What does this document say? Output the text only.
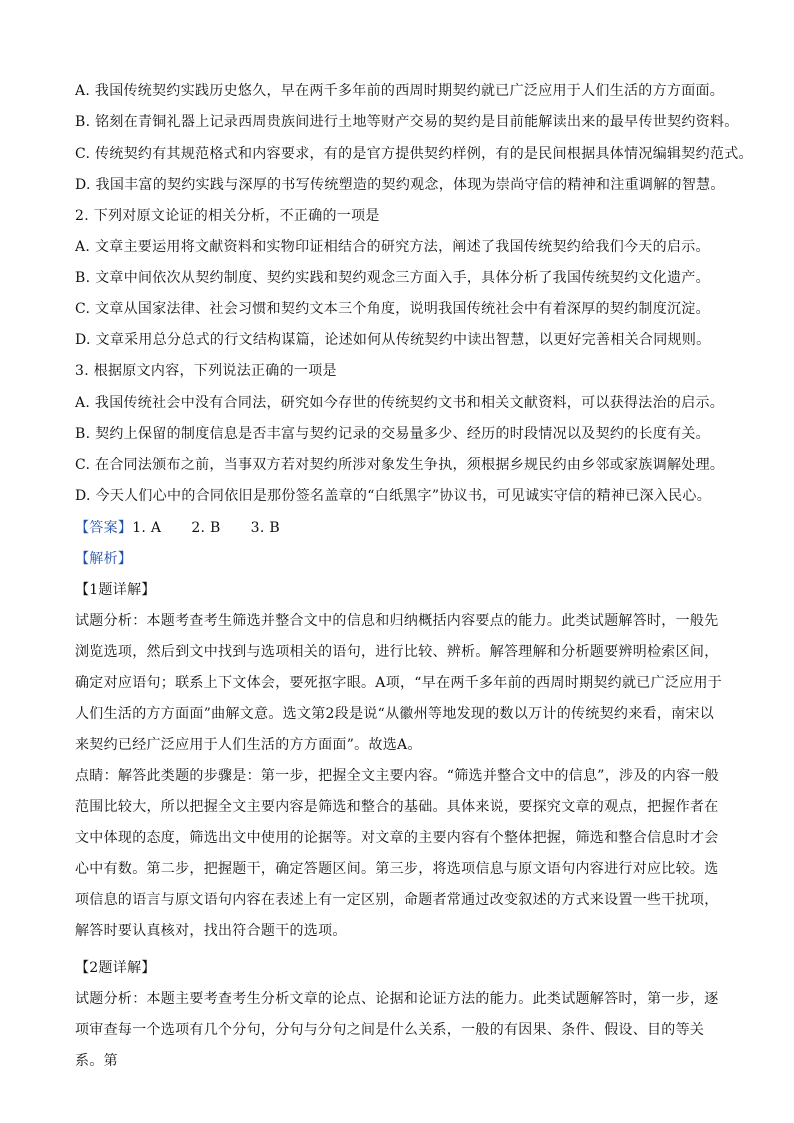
A. 我国传统契约实践历史悠久，早在两千多年前的西周时期契约就已广泛应用于人们生活的方方面面。
B. 铭刻在青铜礼器上记录西周贵族间进行土地等财产交易的契约是目前能解读出来的最早传世契约资料。
C. 传统契约有其规范格式和内容要求，有的是官方提供契约样例，有的是民间根据具体情况编辑契约范式。
D. 我国丰富的契约实践与深厚的书写传统塑造的契约观念，体现为崇尚守信的精神和注重调解的智慧。
2. 下列对原文论证的相关分析，不正确的一项是
A. 文章主要运用将文献资料和实物印证相结合的研究方法，阐述了我国传统契约给我们今天的启示。
B. 文章中间依次从契约制度、契约实践和契约观念三方面入手，具体分析了我国传统契约文化遗产。
C. 文章从国家法律、社会习惯和契约文本三个角度，说明我国传统社会中有着深厚的契约制度沉淀。
D. 文章采用总分总式的行文结构谋篇，论述如何从传统契约中读出智慧，以更好完善相关合同规则。
3. 根据原文内容，下列说法正确的一项是
A. 我国传统社会中没有合同法，研究如今存世的传统契约文书和相关文献资料，可以获得法治的启示。
B. 契约上保留的制度信息是否丰富与契约记录的交易量多少、经历的时段情况以及契约的长度有关。
C. 在合同法颁布之前，当事双方若对契约所涉对象发生争执，须根据乡规民约由乡邻或家族调解处理。
D. 今天人们心中的合同依旧是那份签名盖章的“白纸黑字”协议书，可见诚实守信的精神已深入民心。
【答案】1. A 2. B 3. B
【解析】
【1题详解】
试题分析：本题考查考生筛选并整合文中的信息和归纳概括内容要点的能力。此类试题解答时，一般先浏览选项，然后到文中找到与选项相关的语句，进行比较、辨析。解答理解和分析题要辨明检索区间，确定对应语句；联系上下文体会，要死抠字眼。A项，“早在两千多年前的西周时期契约就已广泛应用于人们生活的方方面面”曲解文意。选文第2段是说“从徽州等地发现的数以万计的传统契约来看，南宋以来契约已经广泛应用于人们生活的方方面面”。故选A。
点睛：解答此类题的步骤是：第一步，把握全文主要内容。“筛选并整合文中的信息”，涉及的内容一般范围比较大，所以把握全文主要内容是筛选和整合的基础。具体来说，要探究文章的观点，把握作者在文中体现的态度，筛选出文中使用的论据等。对文章的主要内容有个整体把握，筛选和整合信息时才会心中有数。第二步，把握题干，确定答题区间。第三步，将选项信息与原文语句内容进行对应比较。选项信息的语言与原文语句内容在表述上有一定区别，命题者常通过改变叙述的方式来设置一些干扰项，解答时要认真核对，找出符合题干的选项。
【2题详解】
试题分析：本题主要考查考生分析文章的论点、论据和论证方法的能力。此类试题解答时，第一步，逐项审查每一个选项有几个分句，分句与分句之间是什么关系，一般的有因果、条件、假设、目的等关系。第
